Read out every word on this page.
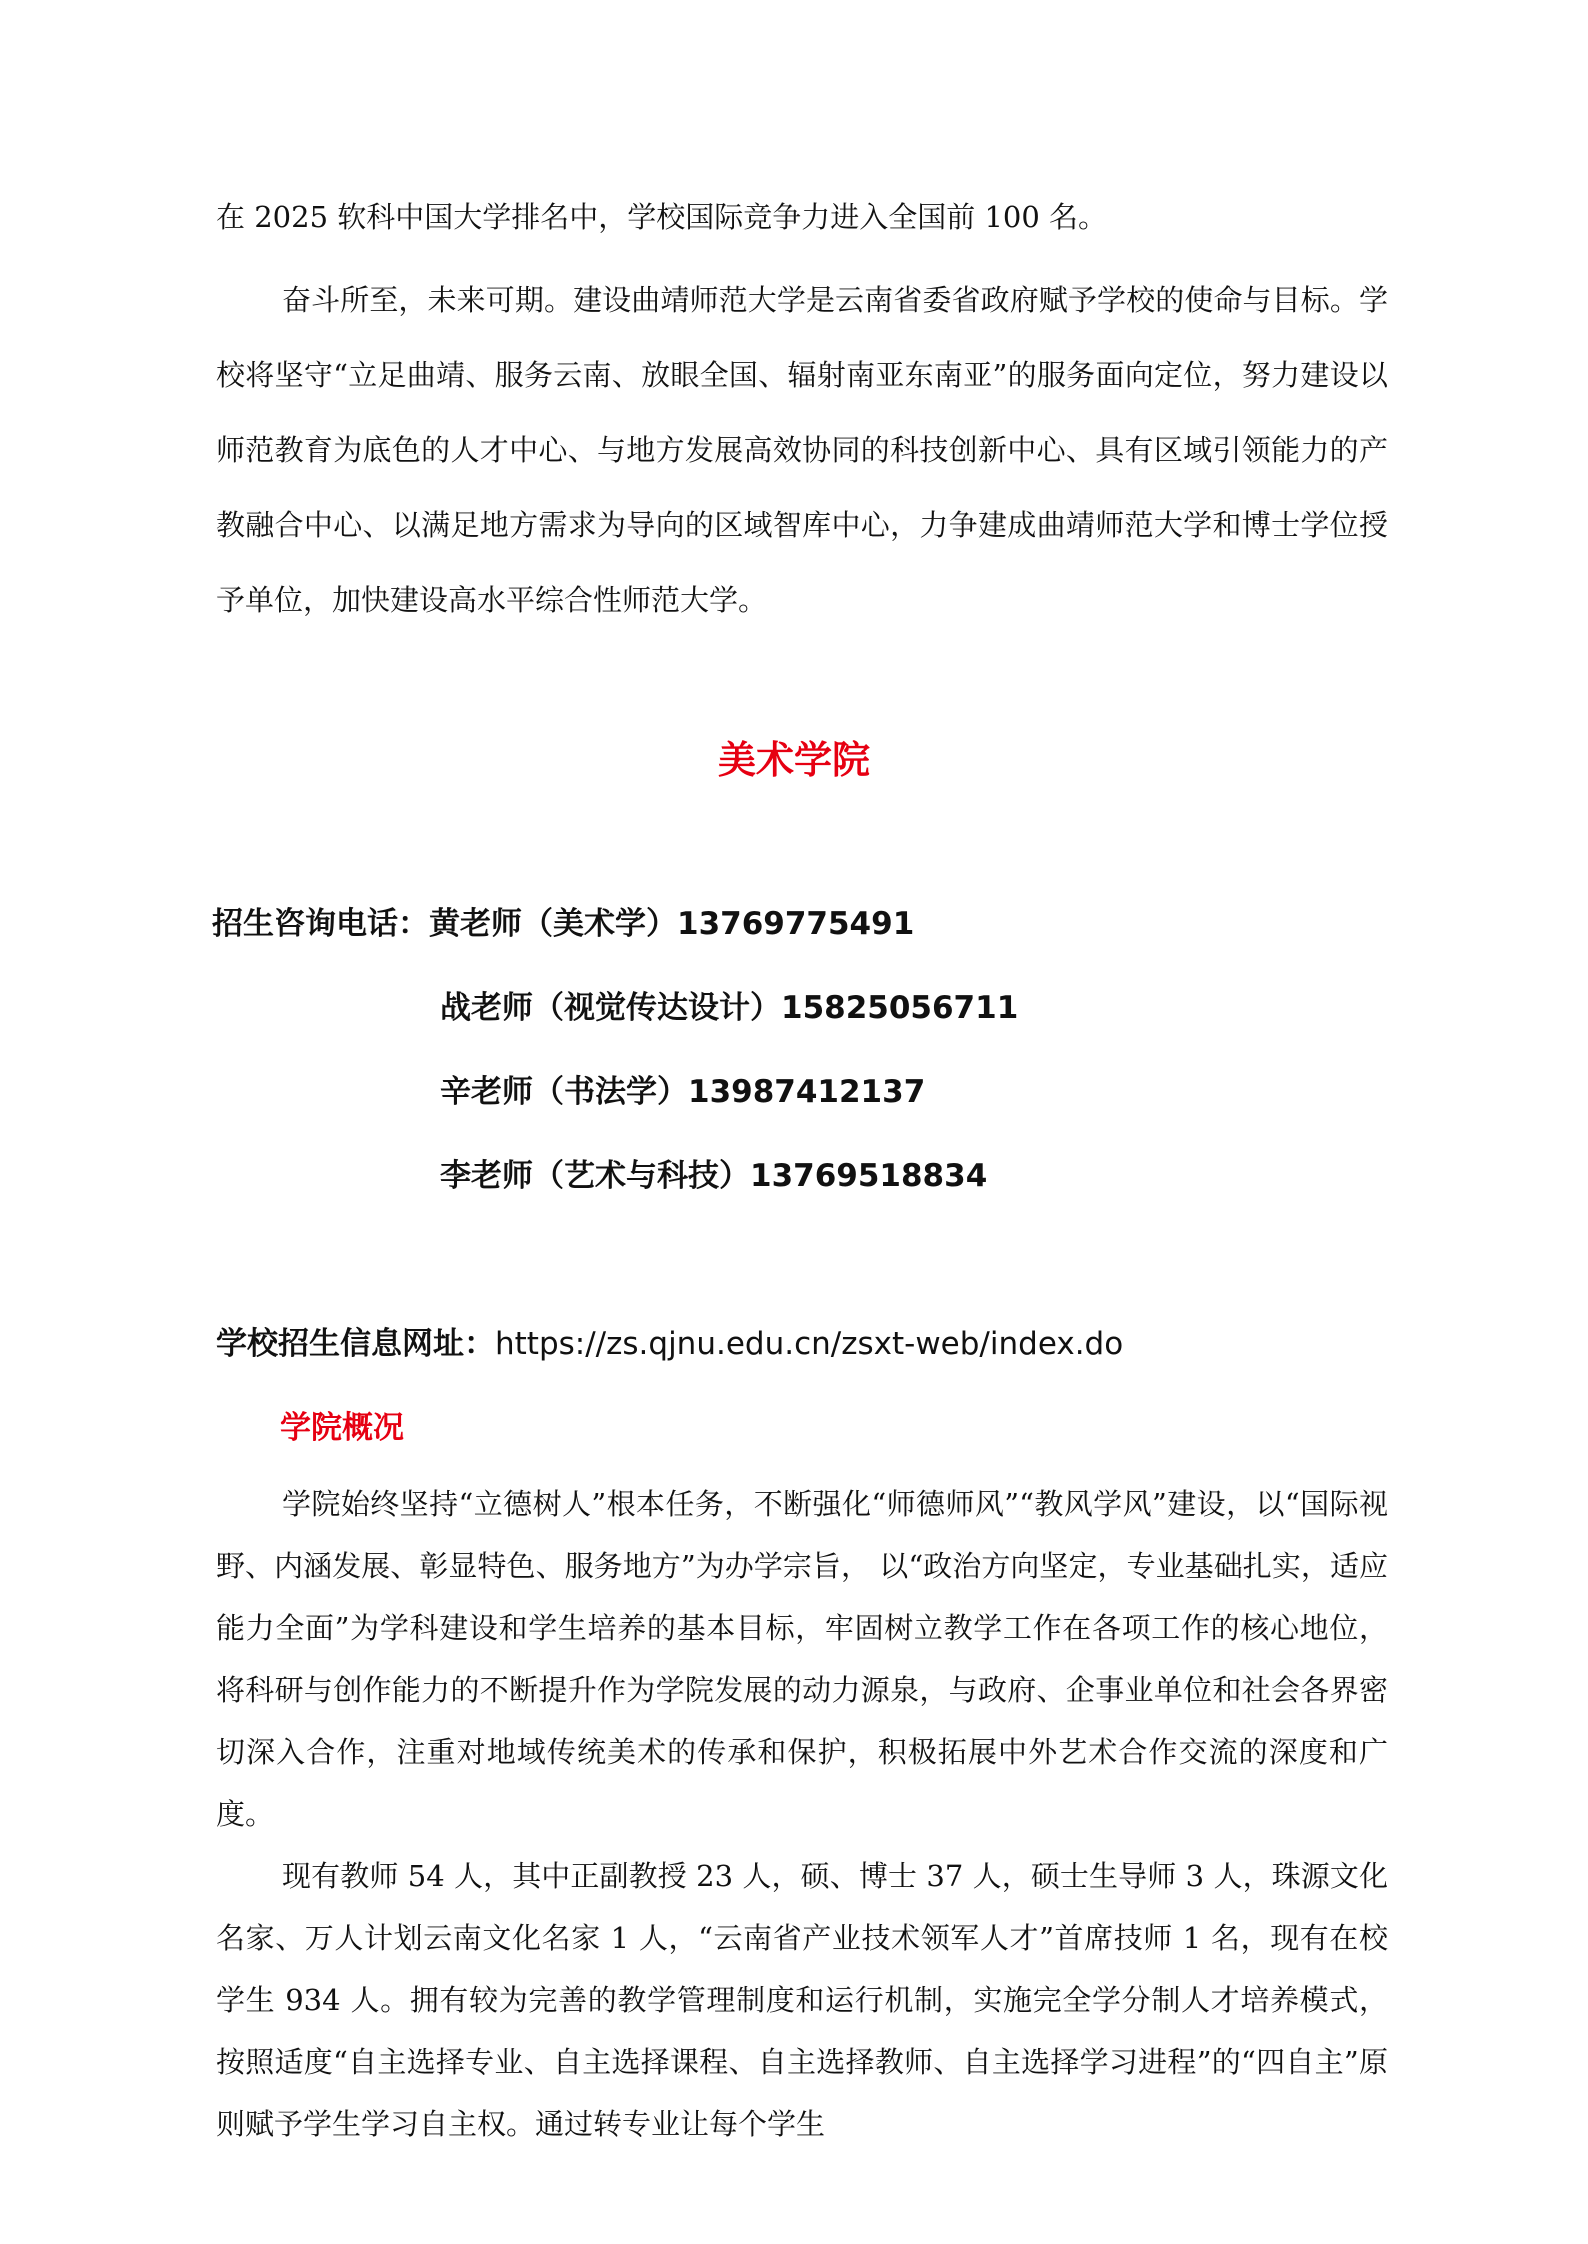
在 2025 软科中国大学排名中，学校国际竞争力进入全国前 100 名。

奋斗所至，未来可期。建设曲靖师范大学是云南省委省政府赋予学校的使命与目标。学校将坚守“立足曲靖、服务云南、放眼全国、辐射南亚东南亚”的服务面向定位，努力建设以师范教育为底色的人才中心、与地方发展高效协同的科技创新中心、具有区域引领能力的产教融合中心、以满足地方需求为导向的区域智库中心，力争建成曲靖师范大学和博士学位授予单位，加快建设高水平综合性师范大学。

美术学院

招生咨询电话：黄老师（美术学）13769775491

战老师（视觉传达设计）15825056711

辛老师（书法学）13987412137

李老师（艺术与科技）13769518834

学校招生信息网址：https://zs.qjnu.edu.cn/zsxt-web/index.do

学院概况

学院始终坚持“立德树人”根本任务，不断强化“师德师风”“教风学风”建设，以“国际视野、内涵发展、彰显特色、服务地方”为办学宗旨， 以“政治方向坚定，专业基础扎实，适应能力全面”为学科建设和学生培养的基本目标，牢固树立教学工作在各项工作的核心地位，将科研与创作能力的不断提升作为学院发展的动力源泉，与政府、企事业单位和社会各界密切深入合作，注重对地域传统美术的传承和保护，积极拓展中外艺术合作交流的深度和广度。

现有教师 54 人，其中正副教授 23 人，硕、博士 37 人，硕士生导师 3 人，珠源文化名家、万人计划云南文化名家 1 人，“云南省产业技术领军人才”首席技师 1 名，现有在校学生 934 人。拥有较为完善的教学管理制度和运行机制，实施完全学分制人才培养模式，按照适度“自主选择专业、自主选择课程、自主选择教师、自主选择学习进程”的“四自主”原则赋予学生学习自主权。通过转专业让每个学生
